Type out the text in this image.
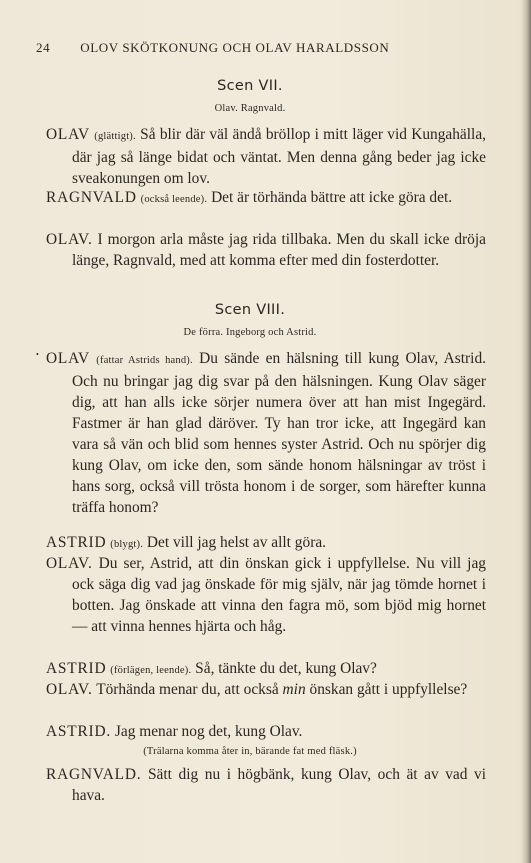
24 OLOV SKÖTKONUNG OCH OLAV HARALDSSON
Scen VII.
Olav. Ragnvald.
OLAV (glättigt). Så blir där väl ändå bröllop i mitt läger vid Kungahälla, där jag så länge bidat och väntat. Men denna gång beder jag icke sveakonungen om lov.
RAGNVALD (också leende). Det är törhända bättre att icke göra det.
OLAV. I morgon arla måste jag rida tillbaka. Men du skall icke dröja länge, Ragnvald, med att komma efter med din fosterdotter.
Scen VIII.
De förra. Ingeborg och Astrid.
• OLAV (fattar Astrids hand). Du sände en hälsning till kung Olav, Astrid. Och nu bringar jag dig svar på den hälsningen. Kung Olav säger dig, att han alls icke sörjer numera över att han mist Ingegärd. Fastmer är han glad däröver. Ty han tror icke, att Ingegärd kan vara så vän och blid som hennes syster Astrid. Och nu spörjer dig kung Olav, om icke den, som sände honom hälsningar av tröst i hans sorg, också vill trösta honom i de sorger, som härefter kunna träffa honom?
ASTRID (blygt). Det vill jag helst av allt göra.
OLAV. Du ser, Astrid, att din önskan gick i uppfyllelse. Nu vill jag ock säga dig vad jag önskade för mig själv, när jag tömde hornet i botten. Jag önskade att vinna den fagra mö, som bjöd mig hornet — att vinna hennes hjärta och håg.
ASTRID (förlägen, leende). Så, tänkte du det, kung Olav?
OLAV. Törhända menar du, att också min önskan gått i uppfyllelse?
ASTRID. Jag menar nog det, kung Olav.
(Trälarna komma åter in, bärande fat med fläsk.)
RAGNVALD. Sätt dig nu i högbänk, kung Olav, och ät av vad vi hava.
